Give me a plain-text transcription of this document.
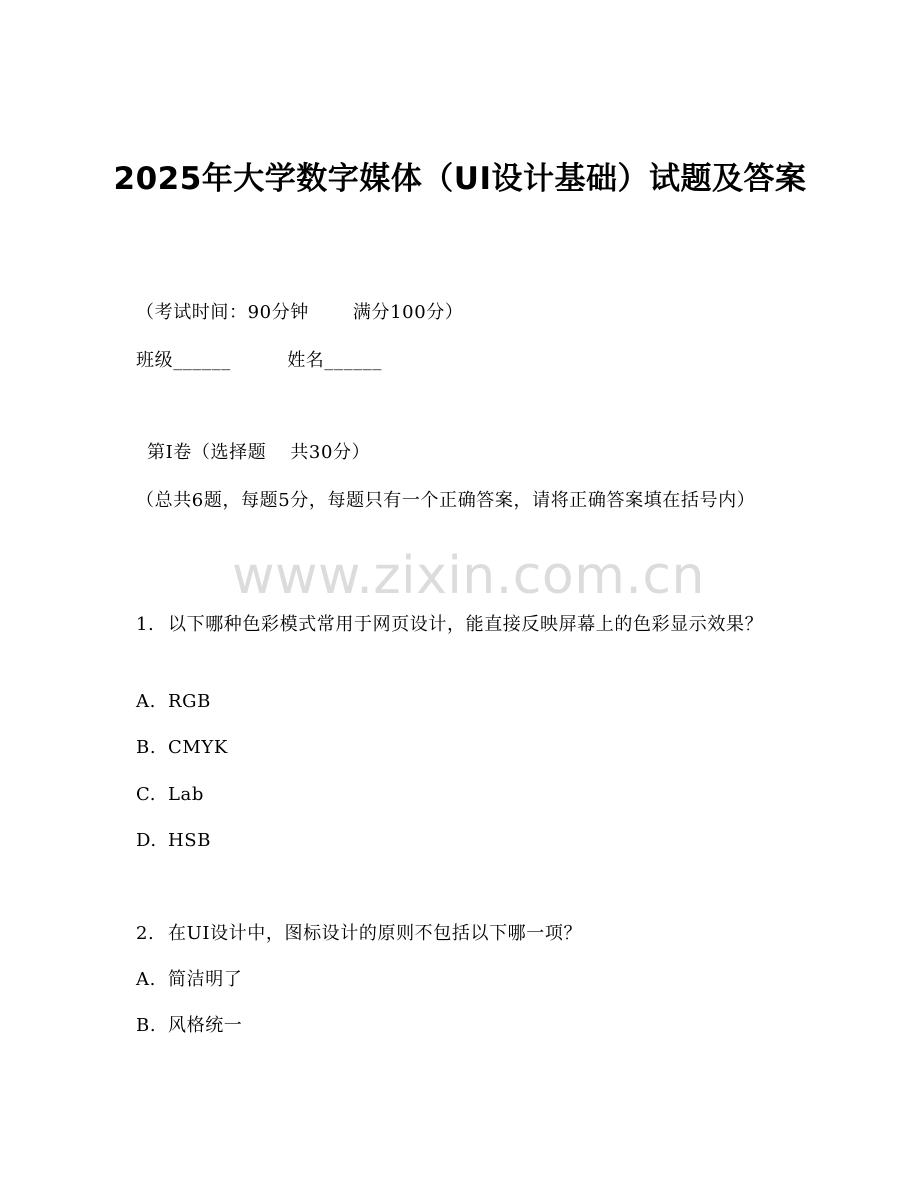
2025年大学数字媒体（UI设计基础）试题及答案
（考试时间：90分钟 满分100分）
班级______	姓名______
第Ⅰ卷（选择题 共30分）
（总共6题，每题5分，每题只有一个正确答案，请将正确答案填在括号内）
www.zixin.com.cn
1. 以下哪种色彩模式常用于网页设计，能直接反映屏幕上的色彩显示效果？
A. RGB
B. CMYK
C. Lab
D. HSB
2. 在UI设计中，图标设计的原则不包括以下哪一项？
A. 简洁明了
B. 风格统一
